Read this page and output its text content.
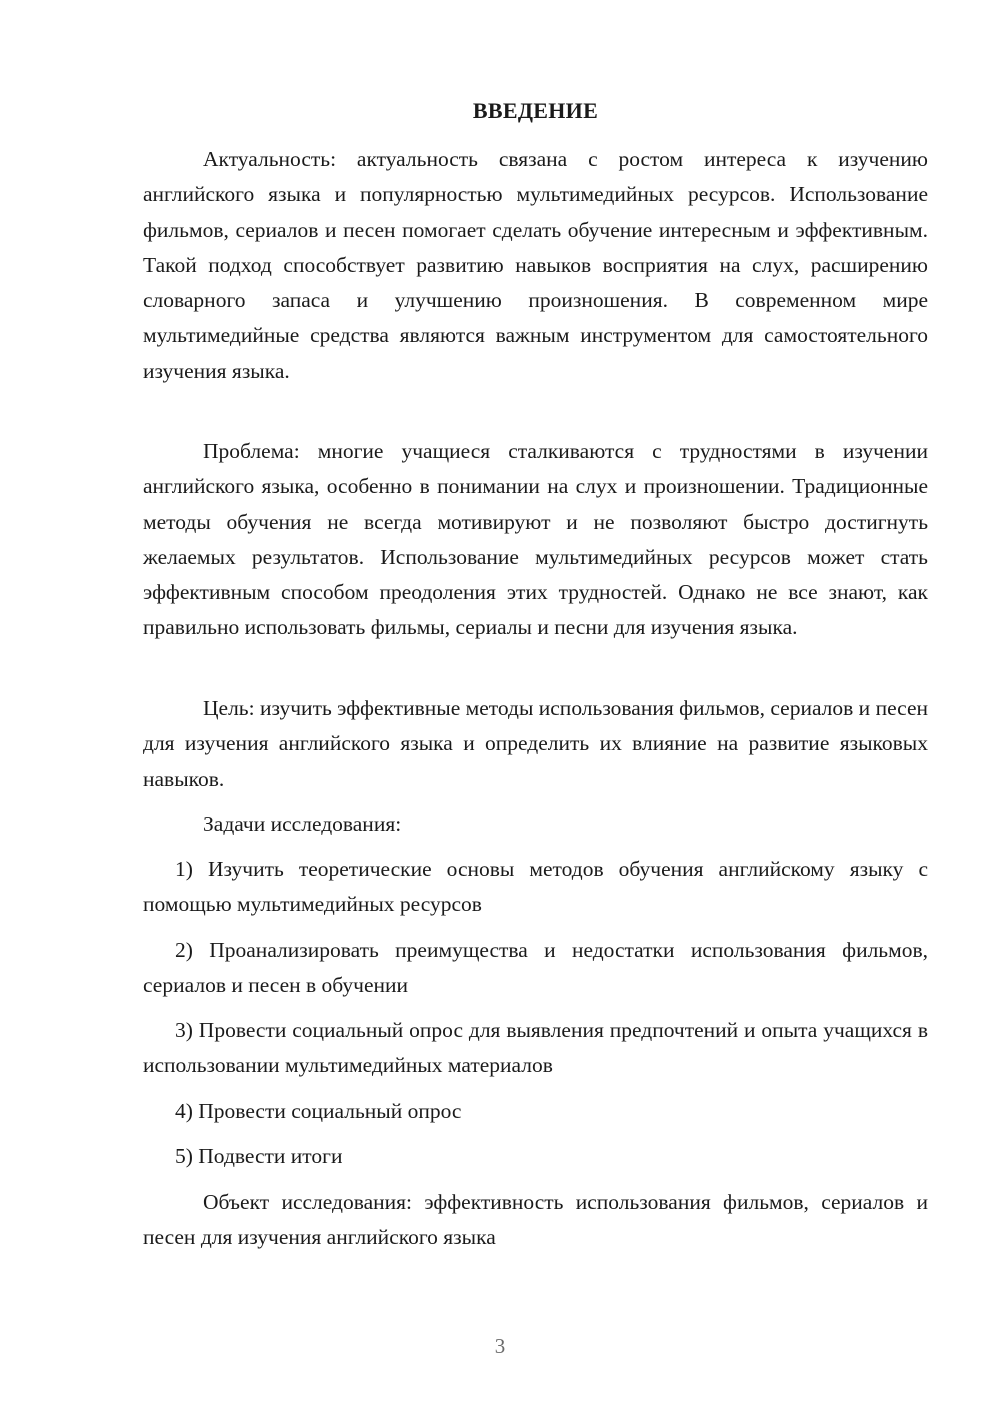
ВВЕДЕНИЕ

Актуальность: актуальность связана с ростом интереса к изучению английского языка и популярностью мультимедийных ресурсов. Использование фильмов, сериалов и песен помогает сделать обучение интересным и эффективным. Такой подход способствует развитию навыков восприятия на слух, расширению словарного запаса и улучшению произношения. В современном мире мультимедийные средства являются важным инструментом для самостоятельного изучения языка.

Проблема: многие учащиеся сталкиваются с трудностями в изучении английского языка, особенно в понимании на слух и произношении. Традиционные методы обучения не всегда мотивируют и не позволяют быстро достигнуть желаемых результатов. Использование мультимедийных ресурсов может стать эффективным способом преодоления этих трудностей. Однако не все знают, как правильно использовать фильмы, сериалы и песни для изучения языка.

Цель: изучить эффективные методы использования фильмов, сериалов и песен для изучения английского языка и определить их влияние на развитие языковых навыков.

Задачи исследования:

1) Изучить теоретические основы методов обучения английскому языку с помощью мультимедийных ресурсов

2) Проанализировать преимущества и недостатки использования фильмов, сериалов и песен в обучении

3) Провести социальный опрос для выявления предпочтений и опыта учащихся в использовании мультимедийных материалов

4) Провести социальный опрос

5) Подвести итоги

Объект исследования: эффективность использования фильмов, сериалов и песен для изучения английского языка

3
